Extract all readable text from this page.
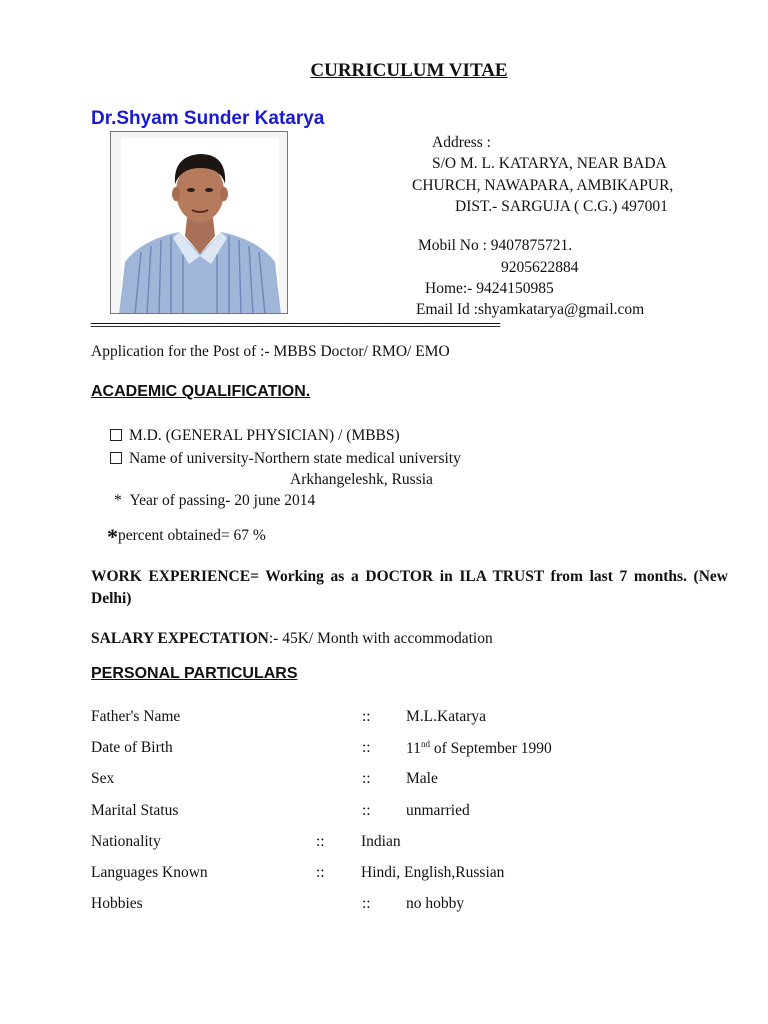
CURRICULUM VITAE
Dr.Shyam Sunder Katarya
Address :
S/O M. L. KATARYA, NEAR BADA
CHURCH, NAWAPARA, AMBIKAPUR,
DIST.- SARGUJA ( C.G.) 497001
Mobil No : 9407875721.
9205622884
Home:- 9424150985
Email Id :shyamkatarya@gmail.com
=========================================================================
Application for the Post of :- MBBS Doctor/ RMO/ EMO
ACADEMIC QUALIFICATION.
M.D. (GENERAL PHYSICIAN) / (MBBS)
Name of university-Northern state medical university
Arkhangeleshk, Russia
* Year of passing- 20 june 2014
*percent obtained= 67 %
WORK EXPERIENCE= Working as a DOCTOR in ILA TRUST from last 7 months. (New Delhi)
SALARY EXPECTATION:- 45K/ Month with accommodation
PERSONAL PARTICULARS
Father's Name	:: M.L.Katarya
Date of Birth	:: 11nd of September 1990
Sex	:: Male
Marital Status	:: unmarried
Nationality	:: Indian
Languages Known	:: Hindi, English,Russian
Hobbies	:: no hobby
